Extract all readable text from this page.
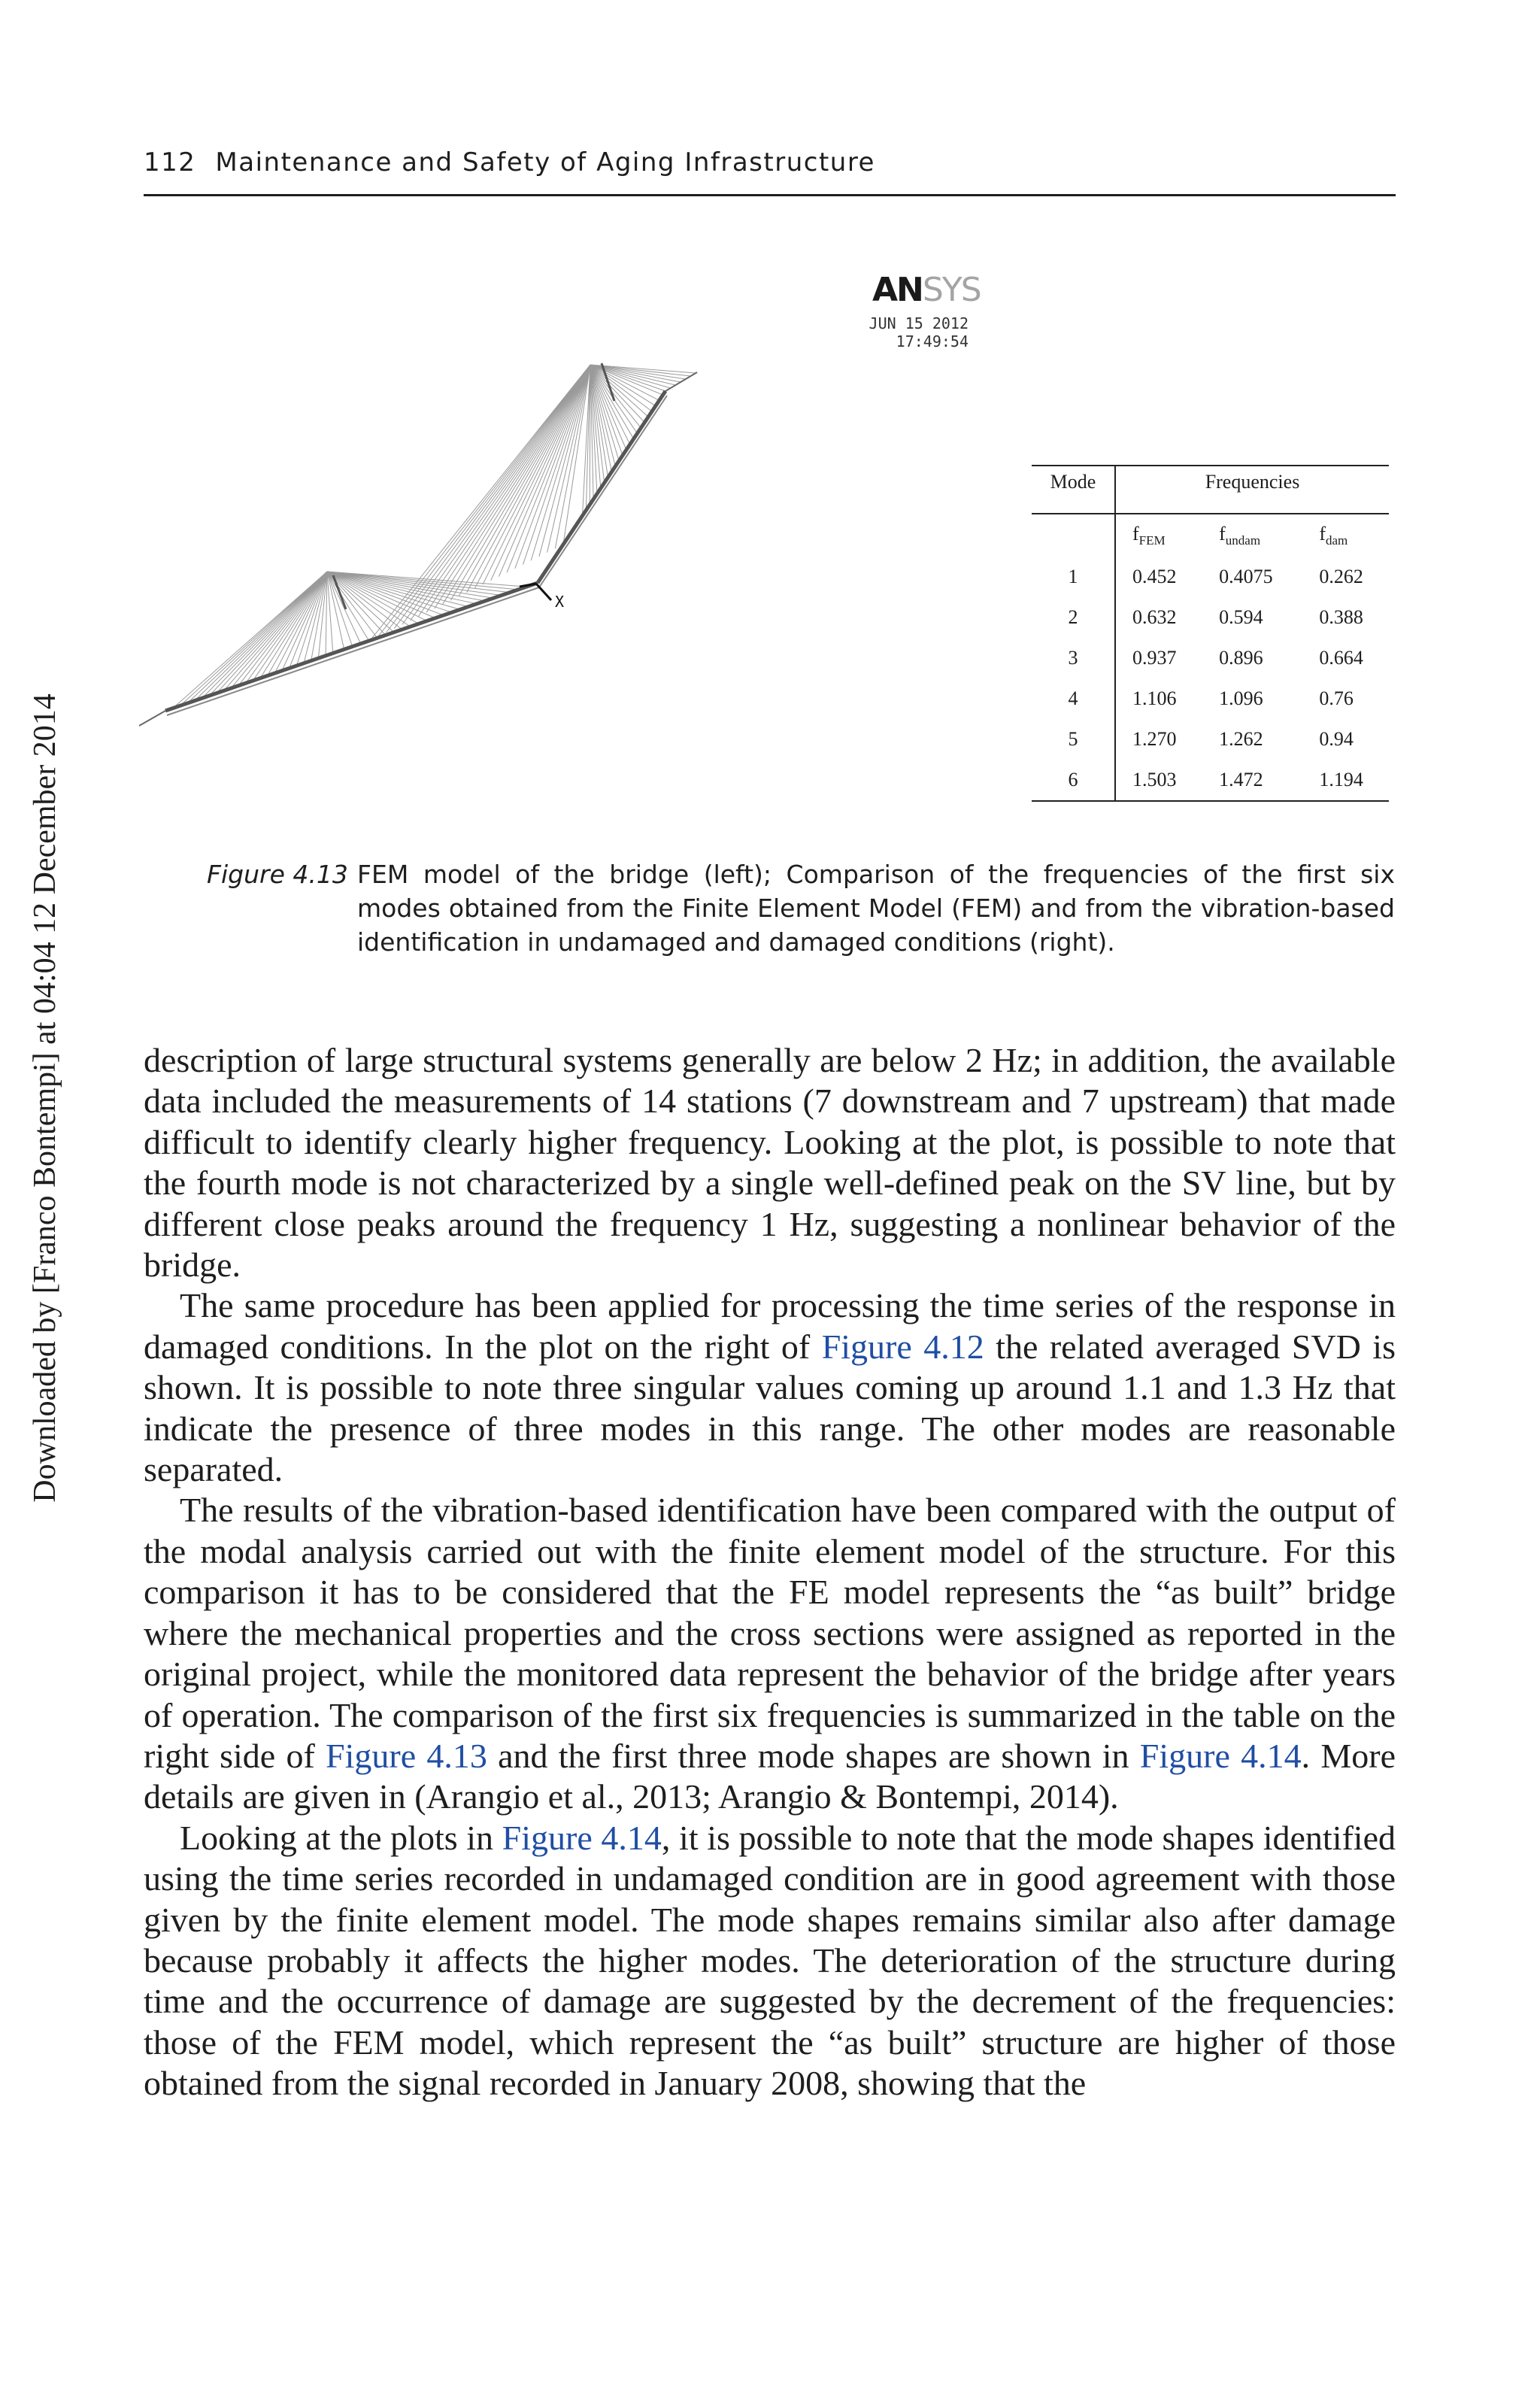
112 Maintenance and Safety of Aging Infrastructure
Downloaded by [Franco Bontempi] at 04:04 12 December 2014
ANSYS
JUN 15 2012
17:49:54
X
Mode	Frequencies		
	$f_{FEM}$	$f_{undam}$	$f_{dam}$
1	0.452	0.4075	0.262
2	0.632	0.594	0.388
3	0.937	0.896	0.664
4	1.106	1.096	0.76
5	1.270	1.262	0.94
6	1.503	1.472	1.194
Figure 4.13 FEM model of the bridge (left); Comparison of the frequencies of the first six modes obtained from the Finite Element Model (FEM) and from the vibration-based identification in undamaged and damaged conditions (right).

description of large structural systems generally are below 2 Hz; in addition, the available data included the measurements of 14 stations (7 downstream and 7 upstream) that made difficult to identify clearly higher frequency. Looking at the plot, is possible to note that the fourth mode is not characterized by a single well-defined peak on the SV line, but by different close peaks around the frequency 1 Hz, suggesting a nonlinear behavior of the bridge.

The same procedure has been applied for processing the time series of the response in damaged conditions. In the plot on the right of Figure 4.12 the related averaged SVD is shown. It is possible to note three singular values coming up around 1.1 and 1.3 Hz that indicate the presence of three modes in this range. The other modes are reasonable separated.

The results of the vibration-based identification have been compared with the output of the modal analysis carried out with the finite element model of the structure. For this comparison it has to be considered that the FE model represents the “as built” bridge where the mechanical properties and the cross sections were assigned as reported in the original project, while the monitored data represent the behavior of the bridge after years of operation. The comparison of the first six frequencies is summarized in the table on the right side of Figure 4.13 and the first three mode shapes are shown in Figure 4.14. More details are given in (Arangio et al., 2013; Arangio & Bontempi, 2014).

Looking at the plots in Figure 4.14, it is possible to note that the mode shapes identified using the time series recorded in undamaged condition are in good agreement with those given by the finite element model. The mode shapes remains similar also after damage because probably it affects the higher modes. The deterioration of the structure during time and the occurrence of damage are suggested by the decrement of the frequencies: those of the FEM model, which represent the “as built” structure are higher of those obtained from the signal recorded in January 2008, showing that the
